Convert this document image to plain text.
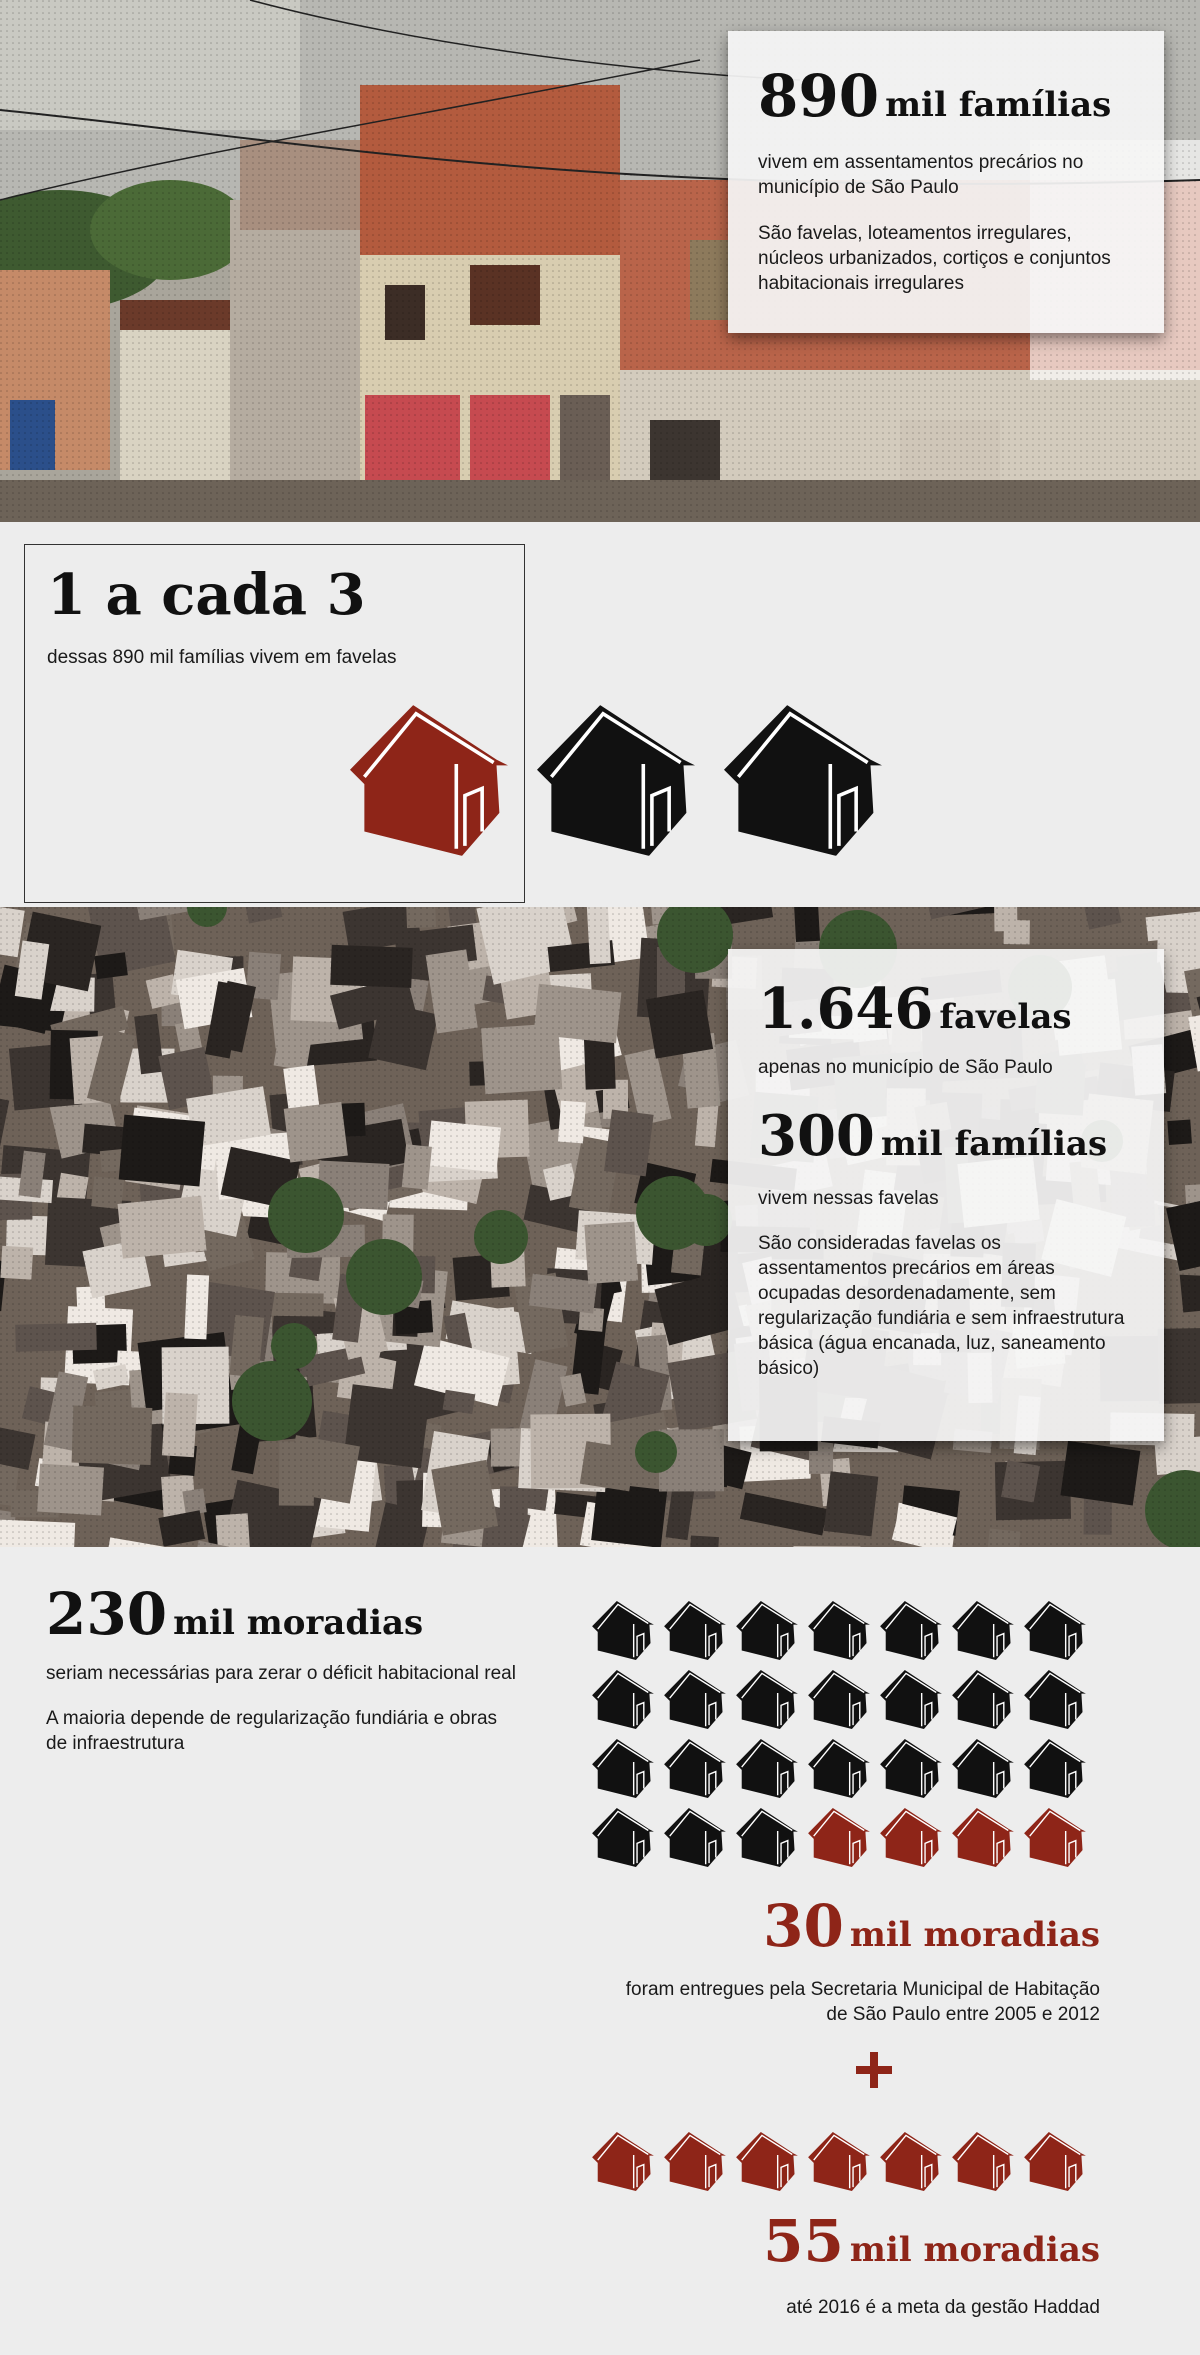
890 mil famílias

vivem em assentamentos precários no município de São Paulo

São favelas, loteamentos irregulares, núcleos urbanizados, cortiços e conjuntos habitacionais irregulares

1 a cada 3

dessas 890 mil famílias vivem em favelas

1.646 favelas

apenas no município de São Paulo

300 mil famílias

vivem nessas favelas

São consideradas favelas os assentamentos precários em áreas ocupadas desordenadamente, sem regularização fundiária e sem infraestrutura básica (água encanada, luz, saneamento básico)

230 mil moradias

seriam necessárias para zerar o déficit habitacional real

A maioria depende de regularização fundiária e obras de infraestrutura

30 mil moradias

foram entregues pela Secretaria Municipal de Habitação de São Paulo entre 2005 e 2012

55 mil moradias

até 2016 é a meta da gestão Haddad
